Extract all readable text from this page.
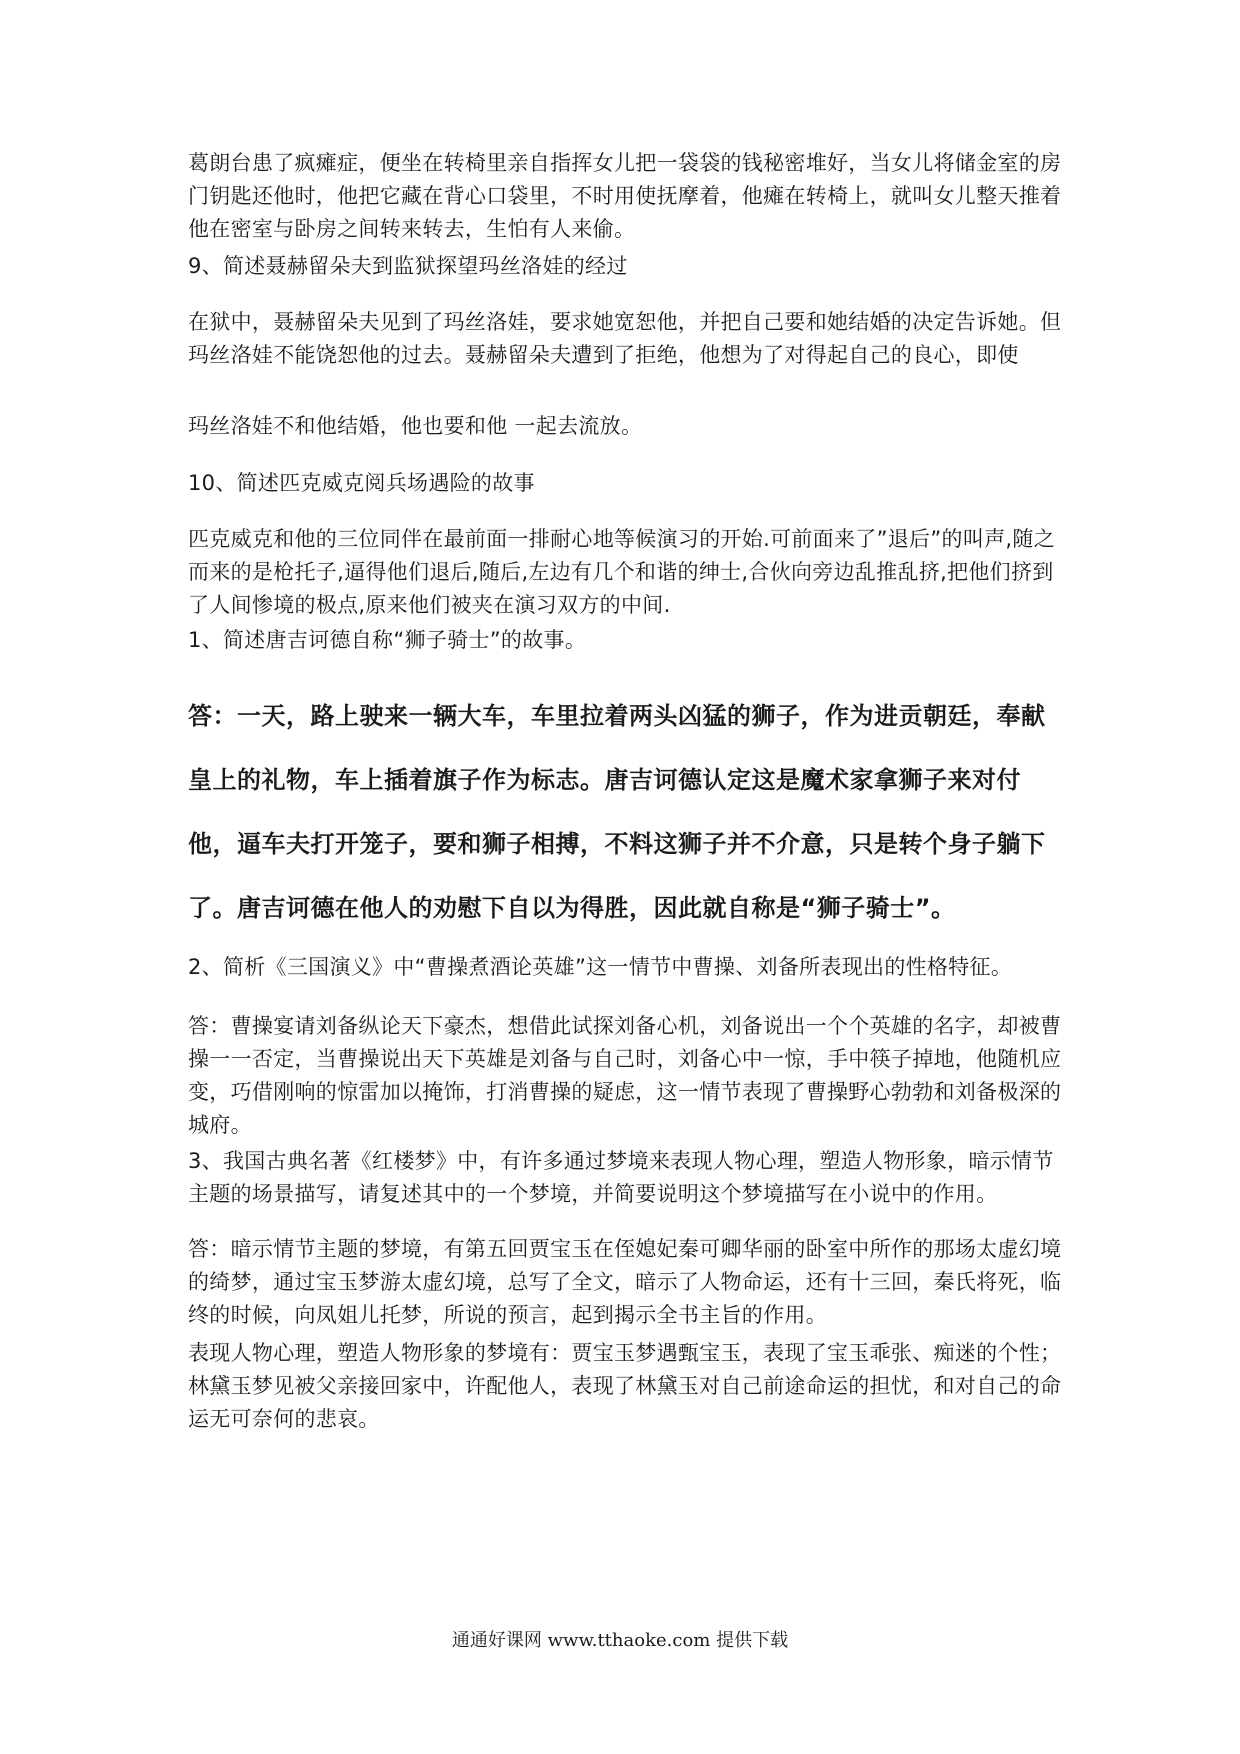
葛朗台患了疯瘫症，便坐在转椅里亲自指挥女儿把一袋袋的钱秘密堆好，当女儿将储金室的房门钥匙还他时，他把它藏在背心口袋里，不时用使抚摩着，他瘫在转椅上，就叫女儿整天推着他在密室与卧房之间转来转去，生怕有人来偷。

9、简述聂赫留朵夫到监狱探望玛丝洛娃的经过

在狱中，聂赫留朵夫见到了玛丝洛娃，要求她宽恕他，并把自己要和她结婚的决定告诉她。但玛丝洛娃不能饶恕他的过去。聂赫留朵夫遭到了拒绝，他想为了对得起自己的良心，即使

玛丝洛娃不和他结婚，他也要和他 一起去流放。

10、简述匹克威克阅兵场遇险的故事

匹克威克和他的三位同伴在最前面一排耐心地等候演习的开始.可前面来了”退后”的叫声,随之而来的是枪托子,逼得他们退后,随后,左边有几个和谐的绅士,合伙向旁边乱推乱挤,把他们挤到了人间惨境的极点,原来他们被夹在演习双方的中间.

1、简述唐吉诃德自称“狮子骑士”的故事。

答：一天，路上驶来一辆大车，车里拉着两头凶猛的狮子，作为进贡朝廷，奉献皇上的礼物，车上插着旗子作为标志。唐吉诃德认定这是魔术家拿狮子来对付他，逼车夫打开笼子，要和狮子相搏，不料这狮子并不介意，只是转个身子躺下了。唐吉诃德在他人的劝慰下自以为得胜，因此就自称是“狮子骑士”。

2、简析《三国演义》中“曹操煮酒论英雄”这一情节中曹操、刘备所表现出的性格特征。

答：曹操宴请刘备纵论天下豪杰，想借此试探刘备心机，刘备说出一个个英雄的名字，却被曹操一一否定，当曹操说出天下英雄是刘备与自己时，刘备心中一惊，手中筷子掉地，他随机应变，巧借刚响的惊雷加以掩饰，打消曹操的疑虑，这一情节表现了曹操野心勃勃和刘备极深的城府。

3、我国古典名著《红楼梦》中，有许多通过梦境来表现人物心理，塑造人物形象，暗示情节主题的场景描写，请复述其中的一个梦境，并简要说明这个梦境描写在小说中的作用。

答：暗示情节主题的梦境，有第五回贾宝玉在侄媳妃秦可卿华丽的卧室中所作的那场太虚幻境的绮梦，通过宝玉梦游太虚幻境，总写了全文，暗示了人物命运，还有十三回，秦氏将死，临终的时候，向凤姐儿托梦，所说的预言，起到揭示全书主旨的作用。

表现人物心理，塑造人物形象的梦境有：贾宝玉梦遇甄宝玉，表现了宝玉乖张、痴迷的个性；林黛玉梦见被父亲接回家中，许配他人，表现了林黛玉对自己前途命运的担忧，和对自己的命运无可奈何的悲哀。

通通好课网 www.tthaoke.com 提供下载
